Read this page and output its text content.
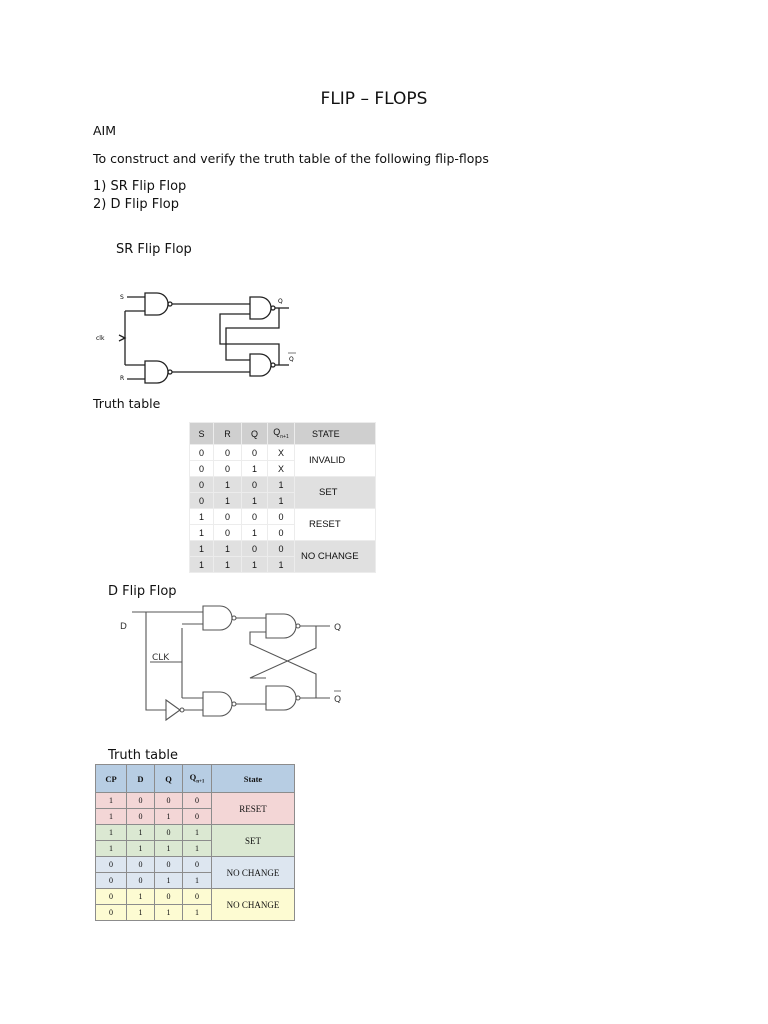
FLIP – FLOPS
AIM
To construct and verify the truth table of the following flip-flops
1) SR Flip Flop
2) D Flip Flop
SR Flip Flop
S
R
clk
Q
Q
Truth table
S	R	Q	$Q_{n+1}$	STATE
0	0	0	X	INVALID
0	0	1	X	
0	1	0	1	SET
0	1	1	1	
1	0	0	0	RESET
1	0	1	0	
1	1	0	0	NO CHANGE
1	1	1	1	
D Flip Flop
D
CLK
Q
Q
Truth table
CP	D	Q	$Q_{n+1}$	State
1	0	0	0	RESET
1	0	1	0	
1	1	0	1	SET
1	1	1	1	
0	0	0	0	NO CHANGE
0	0	1	1	
0	1	0	0	NO CHANGE
0	1	1	1	
